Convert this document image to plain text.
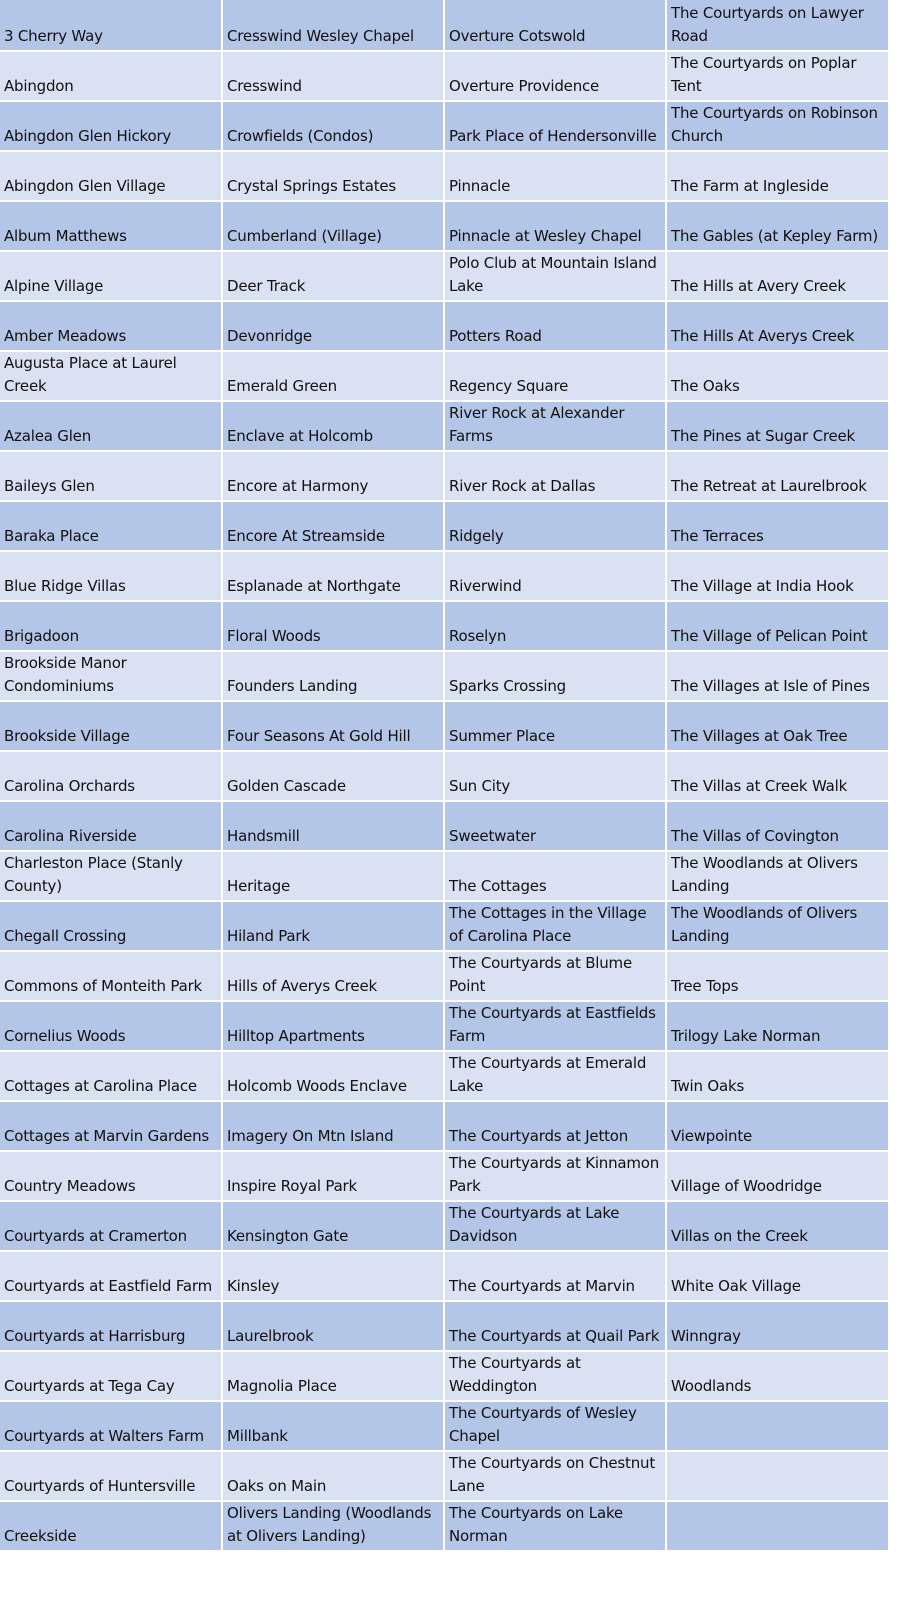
3 Cherry Way	Cresswind Wesley Chapel	Overture Cotswold	The Courtyards on Lawyer Road
Abingdon	Cresswind	Overture Providence	The Courtyards on Poplar Tent
Abingdon Glen Hickory	Crowfields (Condos)	Park Place of Hendersonville	The Courtyards on Robinson Church
Abingdon Glen Village	Crystal Springs Estates	Pinnacle	The Farm at Ingleside
Album Matthews	Cumberland (Village)	Pinnacle at Wesley Chapel	The Gables (at Kepley Farm)
Alpine Village	Deer Track	Polo Club at Mountain Island Lake	The Hills at Avery Creek
Amber Meadows	Devonridge	Potters Road	The Hills At Averys Creek
Augusta Place at Laurel Creek	Emerald Green	Regency Square	The Oaks
Azalea Glen	Enclave at Holcomb	River Rock at Alexander Farms	The Pines at Sugar Creek
Baileys Glen	Encore at Harmony	River Rock at Dallas	The Retreat at Laurelbrook
Baraka Place	Encore At Streamside	Ridgely	The Terraces
Blue Ridge Villas	Esplanade at Northgate	Riverwind	The Village at India Hook
Brigadoon	Floral Woods	Roselyn	The Village of Pelican Point
Brookside Manor Condominiums	Founders Landing	Sparks Crossing	The Villages at Isle of Pines
Brookside Village	Four Seasons At Gold Hill	Summer Place	The Villages at Oak Tree
Carolina Orchards	Golden Cascade	Sun City	The Villas at Creek Walk
Carolina Riverside	Handsmill	Sweetwater	The Villas of Covington
Charleston Place (Stanly County)	Heritage	The Cottages	The Woodlands at Olivers Landing
Chegall Crossing	Hiland Park	The Cottages in the Village of Carolina Place	The Woodlands of Olivers Landing
Commons of Monteith Park	Hills of Averys Creek	The Courtyards at Blume Point	Tree Tops
Cornelius Woods	Hilltop Apartments	The Courtyards at Eastfields Farm	Trilogy Lake Norman
Cottages at Carolina Place	Holcomb Woods Enclave	The Courtyards at Emerald Lake	Twin Oaks
Cottages at Marvin Gardens	Imagery On Mtn Island	The Courtyards at Jetton	Viewpointe
Country Meadows	Inspire Royal Park	The Courtyards at Kinnamon Park	Village of Woodridge
Courtyards at Cramerton	Kensington Gate	The Courtyards at Lake Davidson	Villas on the Creek
Courtyards at Eastfield Farm	Kinsley	The Courtyards at Marvin	White Oak Village
Courtyards at Harrisburg	Laurelbrook	The Courtyards at Quail Park	Winngray
Courtyards at Tega Cay	Magnolia Place	The Courtyards at Weddington	Woodlands
Courtyards at Walters Farm	Millbank	The Courtyards of Wesley Chapel	
Courtyards of Huntersville	Oaks on Main	The Courtyards on Chestnut Lane	
Creekside	Olivers Landing (Woodlands at Olivers Landing)	The Courtyards on Lake Norman	
